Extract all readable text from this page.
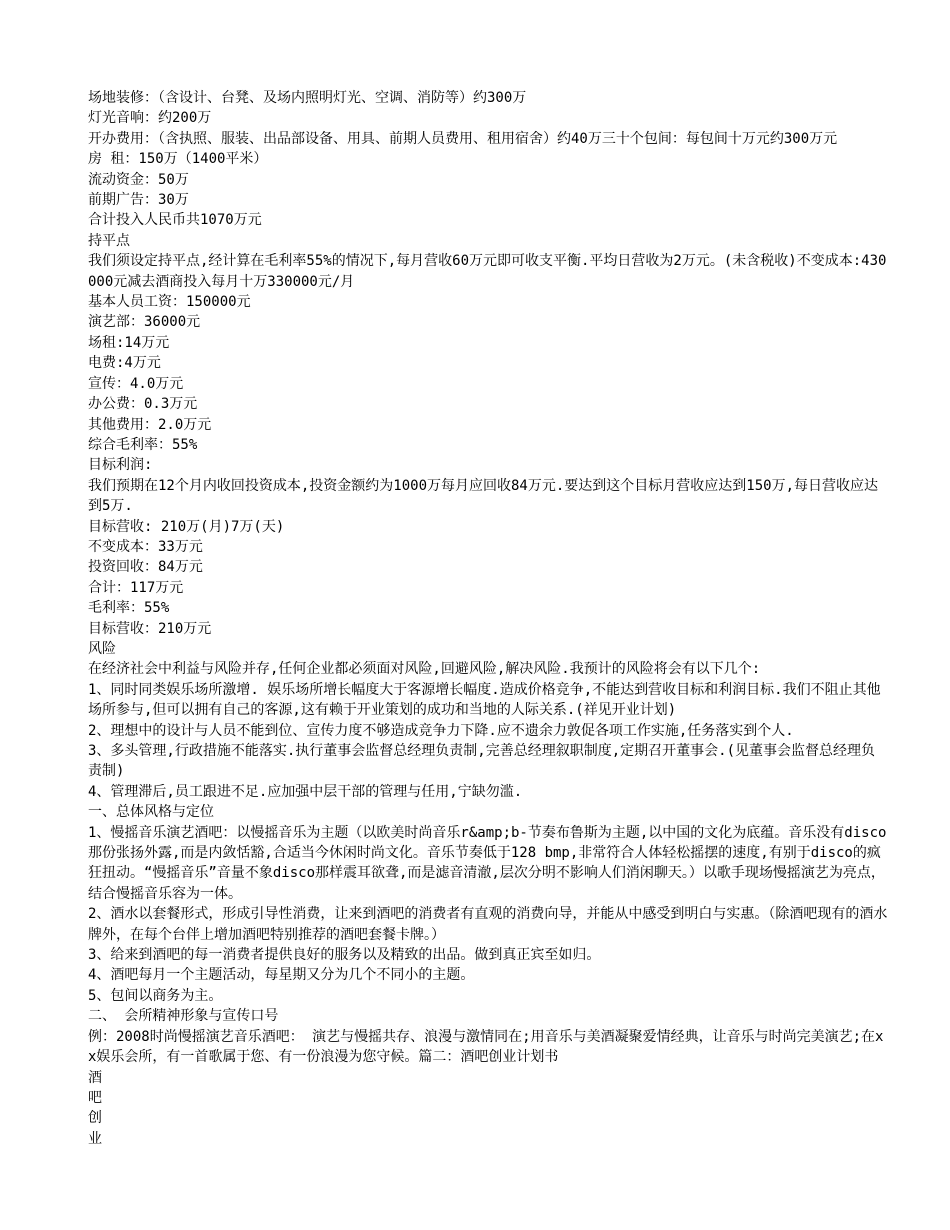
场地装修：（含设计、台凳、及场内照明灯光、空调、消防等）约300万

灯光音响：约200万

开办费用：（含执照、服装、出品部设备、用具、前期人员费用、租用宿舍）约40万三十个包间：每包间十万元约300万元

房 租：150万（1400平米）

流动资金：50万

前期广告：30万

合计投入人民币共1070万元

持平点

我们须设定持平点,经计算在毛利率55%的情况下,每月营收60万元即可收支平衡.平均日营收为2万元。(未含税收)不变成本:430000元减去酒商投入每月十万330000元/月

基本人员工资：150000元

演艺部：36000元

场租:14万元

电费:4万元

宣传：4.0万元

办公费：0.3万元

其他费用：2.0万元

综合毛利率：55%

目标利润:

我们预期在12个月内收回投资成本,投资金额约为1000万每月应回收84万元.要达到这个目标月营收应达到150万,每日营收应达到5万.

目标营收: 210万(月)7万(天)

不变成本：33万元

投资回收：84万元

合计：117万元

毛利率：55%

目标营收：210万元

风险

在经济社会中利益与风险并存,任何企业都必须面对风险,回避风险,解决风险.我预计的风险将会有以下几个:

1、同时同类娱乐场所激增. 娱乐场所增长幅度大于客源增长幅度.造成价格竞争,不能达到营收目标和利润目标.我们不阻止其他场所参与,但可以拥有自己的客源,这有赖于开业策划的成功和当地的人际关系.(祥见开业计划)

2、理想中的设计与人员不能到位、宣传力度不够造成竞争力下降.应不遗余力敦促各项工作实施,任务落实到个人.

3、多头管理,行政措施不能落实.执行董事会监督总经理负责制,完善总经理叙职制度,定期召开董事会.(见董事会监督总经理负责制)

4、管理滞后,员工跟进不足.应加强中层干部的管理与任用,宁缺勿滥.

一、总体风格与定位

1、慢摇音乐演艺酒吧：以慢摇音乐为主题（以欧美时尚音乐r&amp;b-节奏布鲁斯为主题,以中国的文化为底蕴。音乐没有disco那份张扬外露,而是内敛恬豁,合适当今休闲时尚文化。音乐节奏低于128 bmp,非常符合人体轻松摇摆的速度,有别于disco的疯狂扭动。“慢摇音乐”音量不象disco那样震耳欲聋,而是滤音清澈,层次分明不影响人们消闲聊天。）以歌手现场慢摇演艺为亮点，结合慢摇音乐容为一体。

2、酒水以套餐形式，形成引导性消费，让来到酒吧的消费者有直观的消费向导，并能从中感受到明白与实惠。（除酒吧现有的酒水牌外，在每个台伴上增加酒吧特别推荐的酒吧套餐卡牌。）

3、给来到酒吧的每一消费者提供良好的服务以及精致的出品。做到真正宾至如归。

4、酒吧每月一个主题活动，每星期又分为几个不同小的主题。

5、包间以商务为主。

二、 会所精神形象与宣传口号

例：2008时尚慢摇演艺音乐酒吧： 演艺与慢摇共存、浪漫与激情同在;用音乐与美酒凝聚爱情经典，让音乐与时尚完美演艺;在xx娱乐会所，有一首歌属于您、有一份浪漫为您守候。篇二：酒吧创业计划书

酒

吧

创

业
